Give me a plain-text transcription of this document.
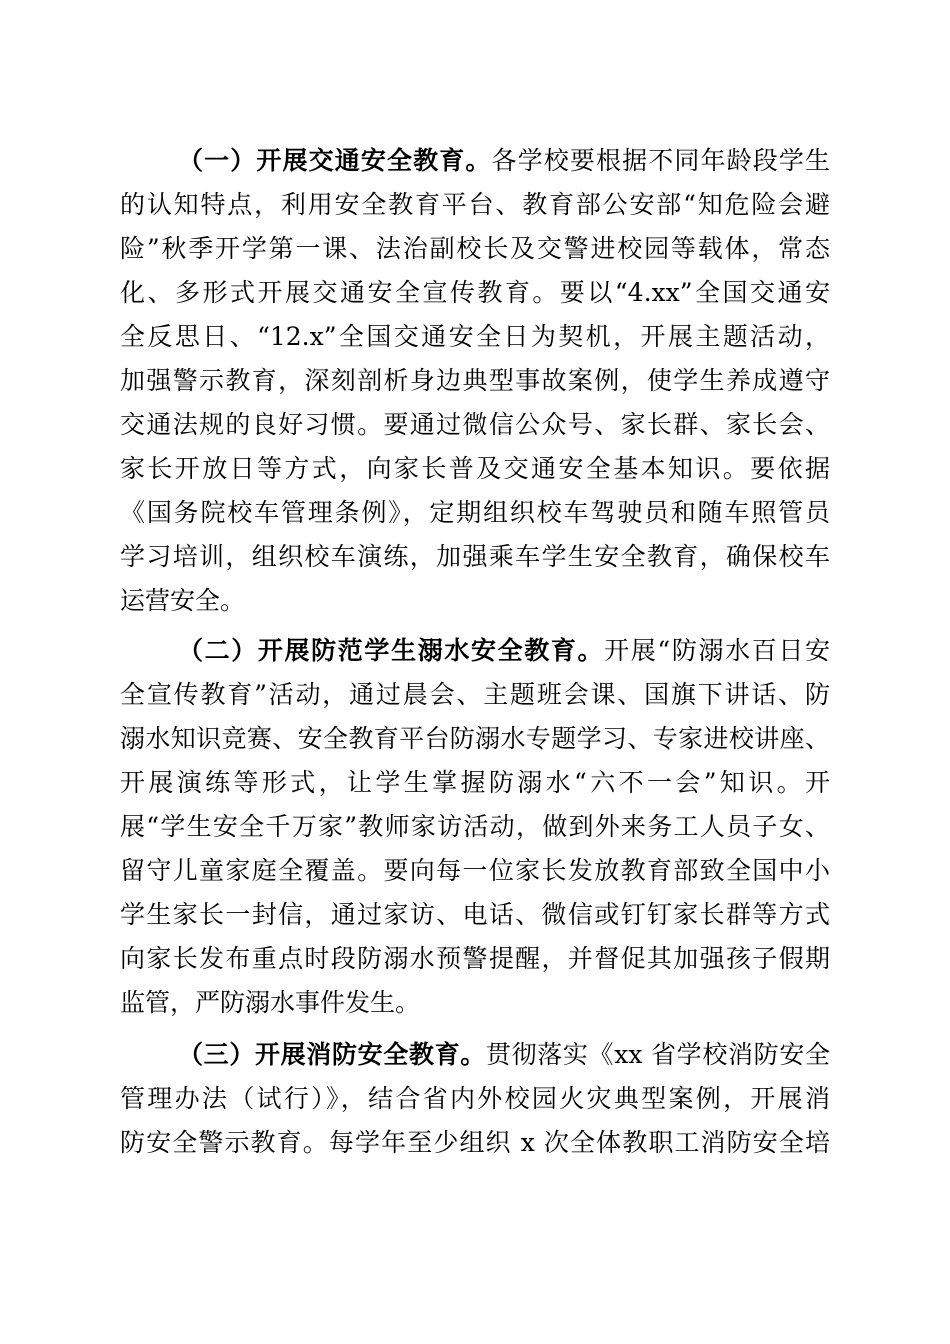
（一）开展交通安全教育。各学校要根据不同年龄段学生

的认知特点，利用安全教育平台、教育部公安部“知危险会避

险”秋季开学第一课、法治副校长及交警进校园等载体，常态

化、多形式开展交通安全宣传教育。要以“4.xx”全国交通安

全反思日、“12.x”全国交通安全日为契机，开展主题活动，

加强警示教育，深刻剖析身边典型事故案例，使学生养成遵守

交通法规的良好习惯。要通过微信公众号、家长群、家长会、

家长开放日等方式，向家长普及交通安全基本知识。要依据

《国务院校车管理条例》，定期组织校车驾驶员和随车照管员

学习培训，组织校车演练，加强乘车学生安全教育，确保校车

运营安全。

（二）开展防范学生溺水安全教育。开展“防溺水百日安

全宣传教育”活动，通过晨会、主题班会课、国旗下讲话、防

溺水知识竞赛、安全教育平台防溺水专题学习、专家进校讲座、

开展演练等形式，让学生掌握防溺水“六不一会”知识。开

展“学生安全千万家”教师家访活动，做到外来务工人员子女、

留守儿童家庭全覆盖。要向每一位家长发放教育部致全国中小

学生家长一封信，通过家访、电话、微信或钉钉家长群等方式

向家长发布重点时段防溺水预警提醒，并督促其加强孩子假期

监管，严防溺水事件发生。

（三）开展消防安全教育。贯彻落实《xx 省学校消防安全

管理办法（试行）》，结合省内外校园火灾典型案例，开展消

防安全警示教育。每学年至少组织 x 次全体教职工消防安全培
